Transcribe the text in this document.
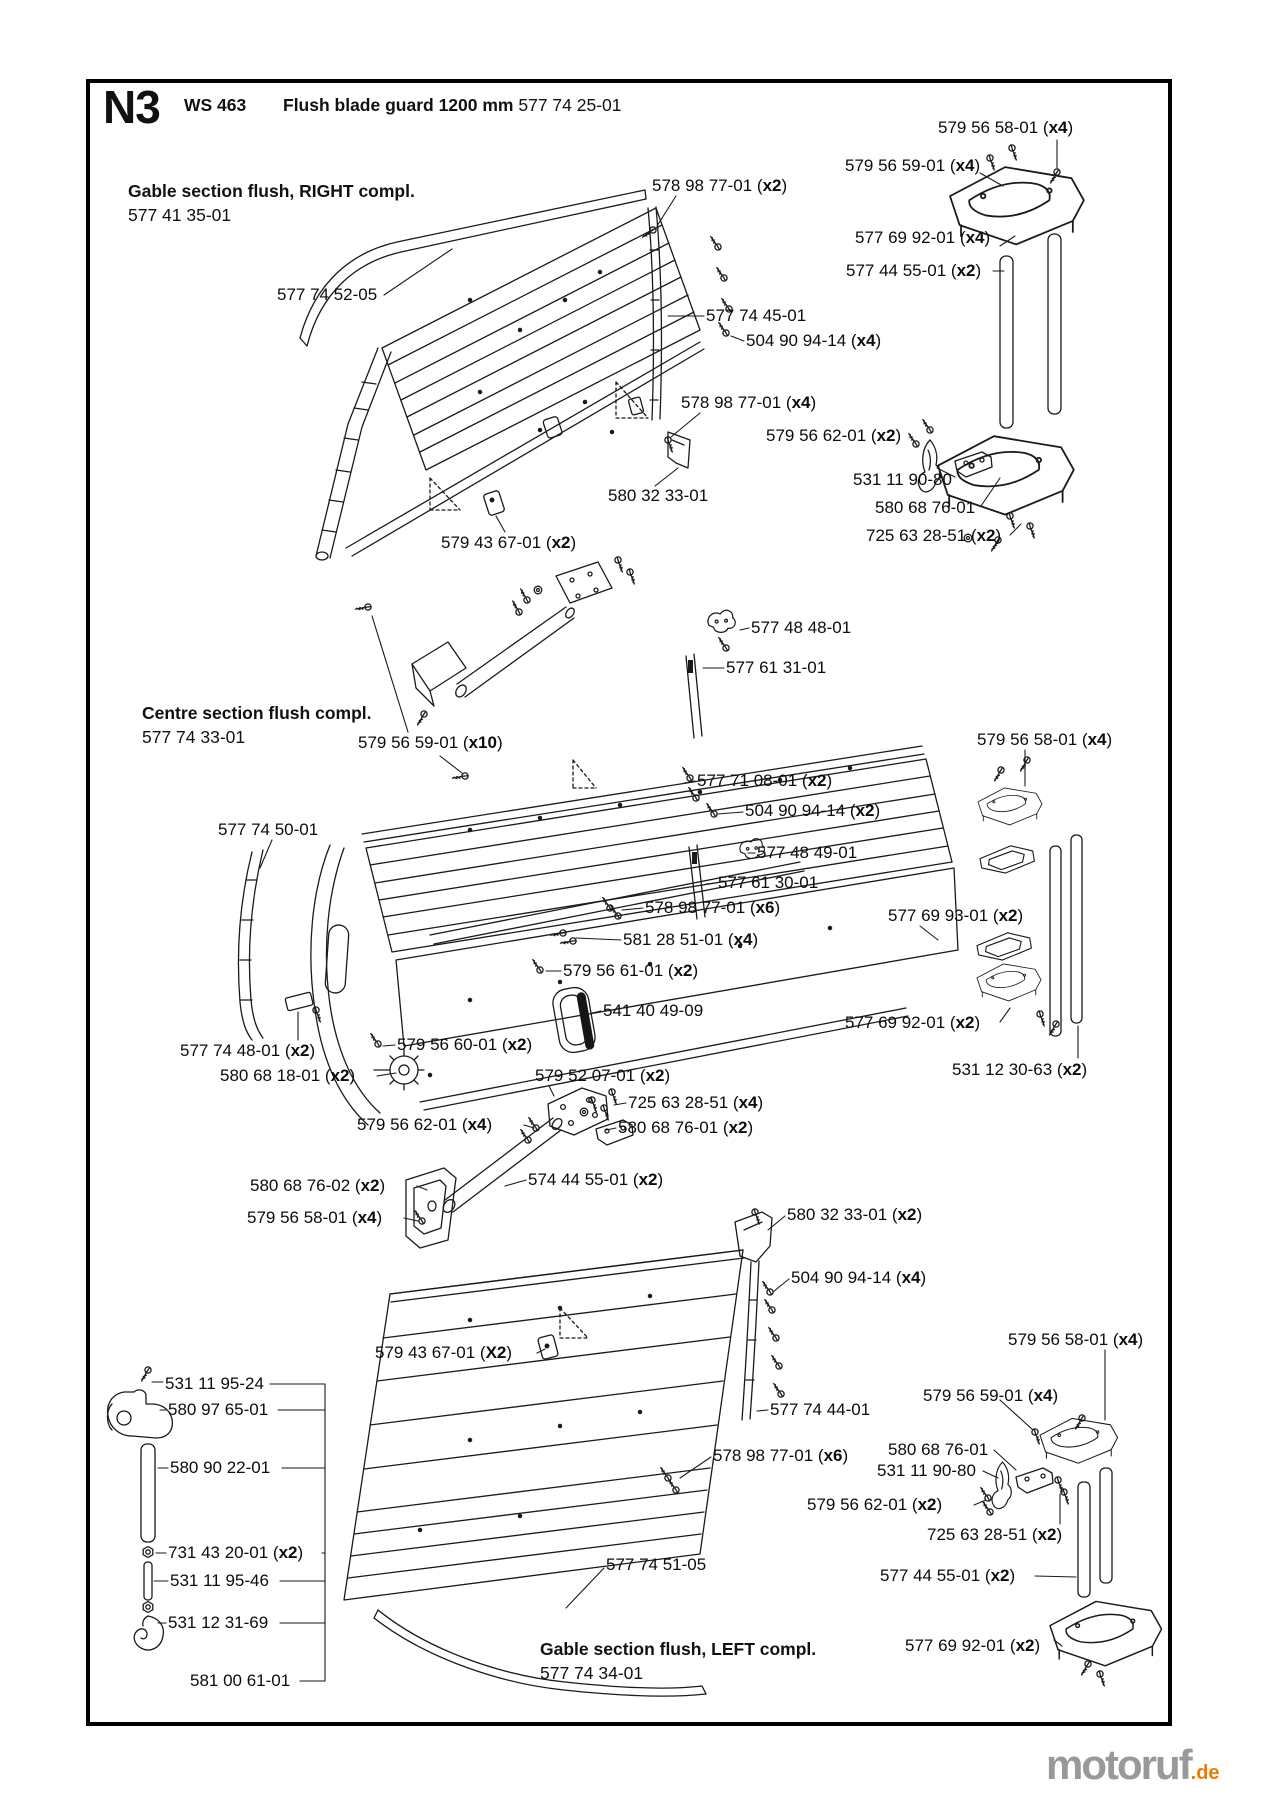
N3 WS 463 Flush blade guard 1200 mm 577 74 25-01
Gable section flush, RIGHT compl.
577 41 35-01
Centre section flush compl.
577 74 33-01
Gable section flush, LEFT compl.
577 74 34-01
579 56 58-01 (x4)
579 56 59-01 (x4)
578 98 77-01 (x2)
577 69 92-01 (x4)
577 44 55-01 (x2)
577 74 52-05
577 74 45-01
504 90 94-14 (x4)
578 98 77-01 (x4)
579 56 62-01 (x2)
531 11 90-80
580 68 76-01
725 63 28-51 (x2)
580 32 33-01
579 43 67-01 (x2)
577 48 48-01
577 61 31-01
579 56 59-01 (x10)
577 71 08-01 (x2)
504 90 94-14 (x2)
577 48 49-01
577 61 30-01
578 98 77-01 (x6)
581 28 51-01 (x4)
579 56 61-01 (x2)
541 40 49-09
579 56 58-01 (x4)
577 69 93-01 (x2)
577 69 92-01 (x2)
531 12 30-63 (x2)
577 74 50-01
577 74 48-01 (x2)
580 68 18-01 (x2)
579 56 60-01 (x2)
579 52 07-01 (x2)
725 63 28-51 (x4)
579 56 62-01 (x4)	580 68 76-01 (x2)
574 44 55-01 (x2)
580 68 76-02 (x2)
579 56 58-01 (x4)	580 32 33-01 (x2)
504 90 94-14 (x4)
579 43 67-01 (X2)
577 74 44-01
578 98 77-01 (x6)
577 74 51-05
579 56 58-01 (x4)
579 56 59-01 (x4)
580 68 76-01
531 11 90-80
579 56 62-01 (x2)
725 63 28-51 (x2)
577 44 55-01 (x2)
577 69 92-01 (x2)
531 11 95-24
580 97 65-01
580 90 22-01
731 43 20-01 (x2)
531 11 95-46
531 12 31-69
581 00 61-01
motoruf.de
